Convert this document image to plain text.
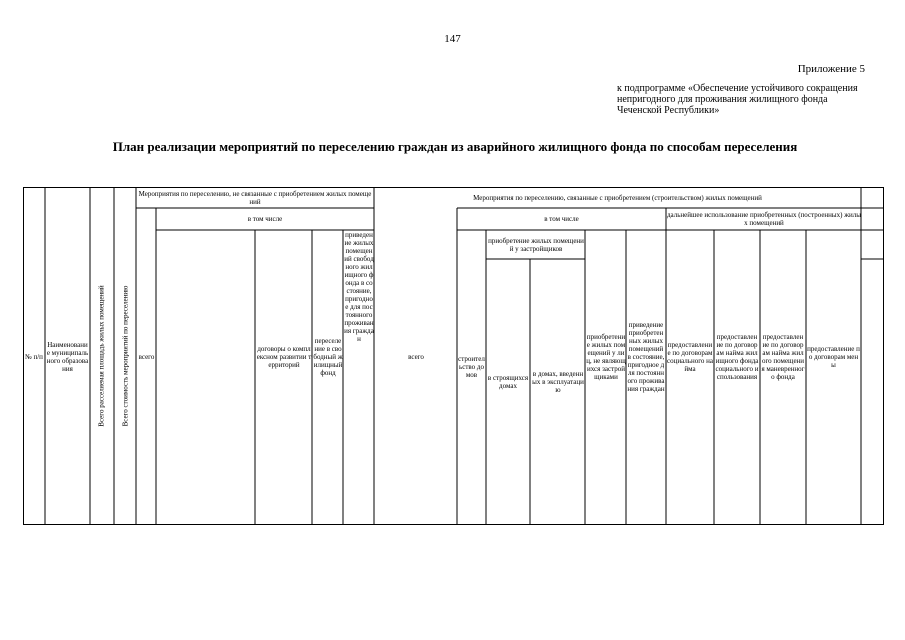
147
Приложение 5
к подпрограмме «Обеспечение устойчивого сокращения непригодного для проживания жилищного фонда Чеченской Республики»
План реализации мероприятий по переселению граждан из аварийного жилищного фонда по способам переселения
№ п/п
Наименование муниципального образования	Всего расселяемая площадь жилых помещений Всего стоимость мероприятий по переселению
Мероприятия по переселению, не связанные с приобретением жилых помещений
всего
в том числе
договоры о комплексном развитии территорий
переселение в свободный жилищный фонд
приведение жилых помещений свободного жилищного фонда в состояние, пригодное для постоянного проживания граждан
Мероприятия по переселению, связанные с приобретением (строительством) жилых помещений
всего
в том числе	дальнейшее использование приобретенных (построенных) жилых помещений
строительство домов
приобретение жилых помещений у застройщиков
в строящихся домах
в домах, введенных в эксплуатацию
приобретение жилых помещений у лиц, не являющихся застройщиками
приведение приобретенных жилых помещений в состояние, пригодное для постоянного проживания граждан
предоставление по договорам социального найма
предоставление по договорам найма жилищного фонда социального использования
предоставление по договорам найма жилого помещения маневренного фонда
предоставление по договорам мены
